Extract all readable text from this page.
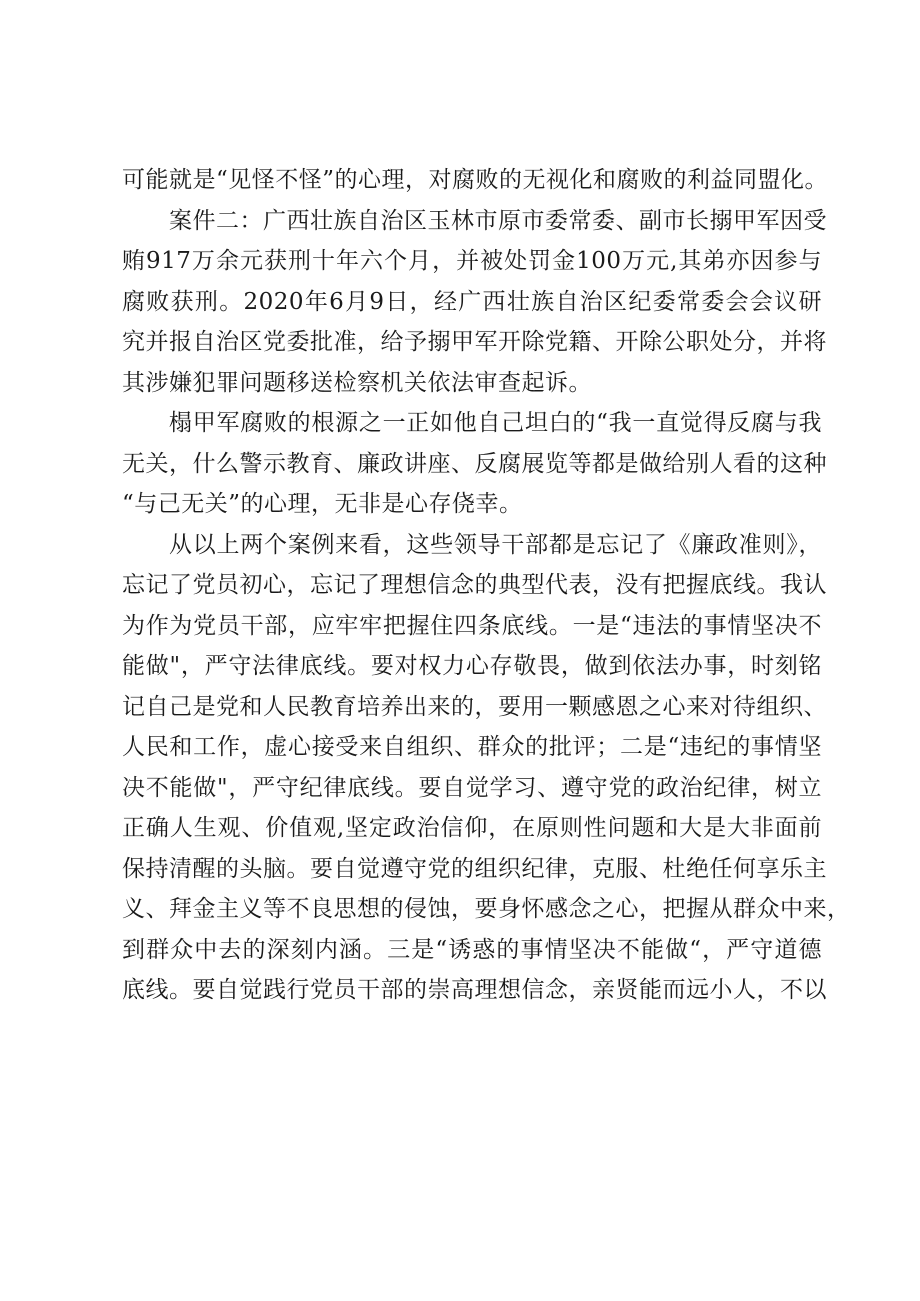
可能就是“见怪不怪”的心理，对腐败的无视化和腐败的利益同盟化。
案件二：广西壮族自治区玉林市原市委常委、副市长搦甲军因受
贿917万余元获刑十年六个月，并被处罚金100万元,其弟亦因参与
腐败获刑。2020年6月9日，经广西壮族自治区纪委常委会会议研
究并报自治区党委批准，给予搦甲军开除党籍、开除公职处分，并将
其涉嫌犯罪问题移送检察机关依法审查起诉。
榻甲军腐败的根源之一正如他自己坦白的“我一直觉得反腐与我
无关，什么警示教育、廉政讲座、反腐展览等都是做给别人看的这种
“与己无关”的心理，无非是心存侥幸。
从以上两个案例来看，这些领导干部都是忘记了《廉政准则》，
忘记了党员初心，忘记了理想信念的典型代表，没有把握底线。我认
为作为党员干部，应牢牢把握住四条底线。一是“违法的事情坚决不
能做"，严守法律底线。要对权力心存敬畏，做到依法办事，时刻铭
记自己是党和人民教育培养出来的，要用一颗感恩之心来对待组织、
人民和工作，虚心接受来自组织、群众的批评；二是“违纪的事情坚
决不能做"，严守纪律底线。要自觉学习、遵守党的政治纪律，树立
正确人生观、价值观,坚定政治信仰，在原则性问题和大是大非面前
保持清醒的头脑。要自觉遵守党的组织纪律，克服、杜绝任何享乐主
义、拜金主义等不良思想的侵蚀，要身怀感念之心，把握从群众中来，
到群众中去的深刻内涵。三是“诱惑的事情坚决不能做“，严守道德
底线。要自觉践行党员干部的崇高理想信念，亲贤能而远小人，不以
